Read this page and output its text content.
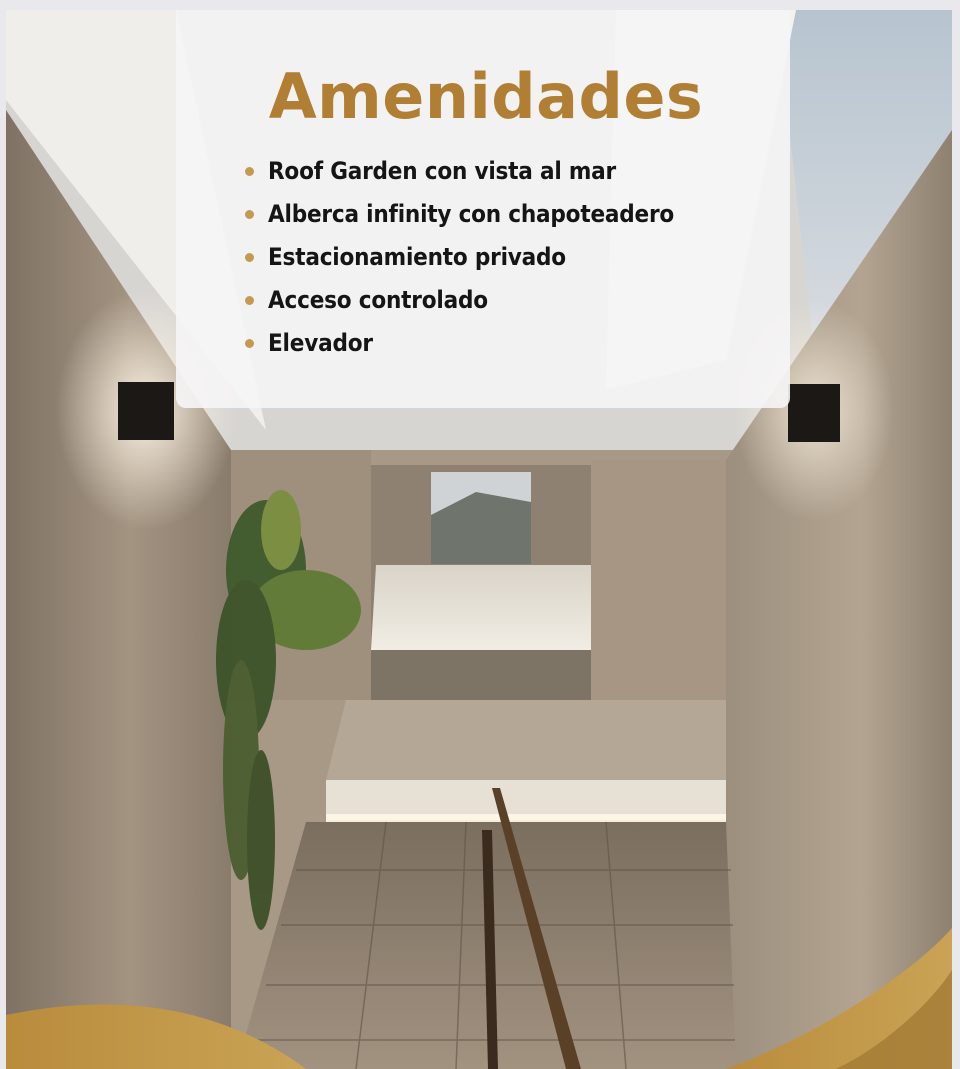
Amenidades
Roof Garden con vista al mar
Alberca infinity con chapoteadero
Estacionamiento privado
Acceso controlado
Elevador
